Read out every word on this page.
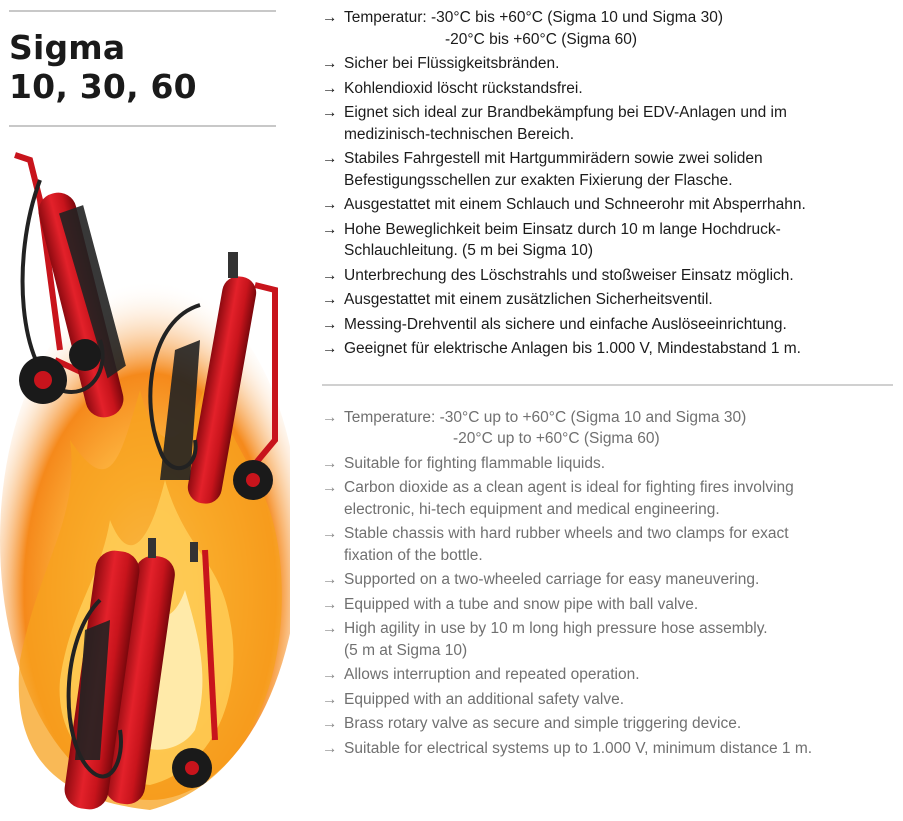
Sigma
10, 30, 60
→ Temperatur: -30°C bis +60°C (Sigma 10 und Sigma 30)
-20°C bis +60°C (Sigma 60)
→ Sicher bei Flüssigkeitsbränden.
→ Kohlendioxid löscht rückstandsfrei.
→ Eignet sich ideal zur Brandbekämpfung bei EDV-Anlagen und im
medizinisch-technischen Bereich.
→ Stabiles Fahrgestell mit Hartgummirädern sowie zwei soliden
Befestigungsschellen zur exakten Fixierung der Flasche.
→ Ausgestattet mit einem Schlauch und Schneerohr mit Absperrhahn.
→ Hohe Beweglichkeit beim Einsatz durch 10 m lange Hochdruck-
Schlauchleitung. (5 m bei Sigma 10)
→ Unterbrechung des Löschstrahls und stoßweiser Einsatz möglich.
→ Ausgestattet mit einem zusätzlichen Sicherheitsventil.
→ Messing-Drehventil als sichere und einfache Auslöseeinrichtung.
→ Geeignet für elektrische Anlagen bis 1.000 V, Mindestabstand 1 m.
→ Temperature: -30°C up to +60°C (Sigma 10 and Sigma 30)
-20°C up to +60°C (Sigma 60)
→ Suitable for fighting flammable liquids.
→ Carbon dioxide as a clean agent is ideal for fighting fires involving
electronic, hi-tech equipment and medical engineering.
→ Stable chassis with hard rubber wheels and two clamps for exact
fixation of the bottle.
→ Supported on a two-wheeled carriage for easy maneuvering.
→ Equipped with a tube and snow pipe with ball valve.
→ High agility in use by 10 m long high pressure hose assembly.
(5 m at Sigma 10)
→ Allows interruption and repeated operation.
→ Equipped with an additional safety valve.
→ Brass rotary valve as secure and simple triggering device.
→ Suitable for electrical systems up to 1.000 V, minimum distance 1 m.
